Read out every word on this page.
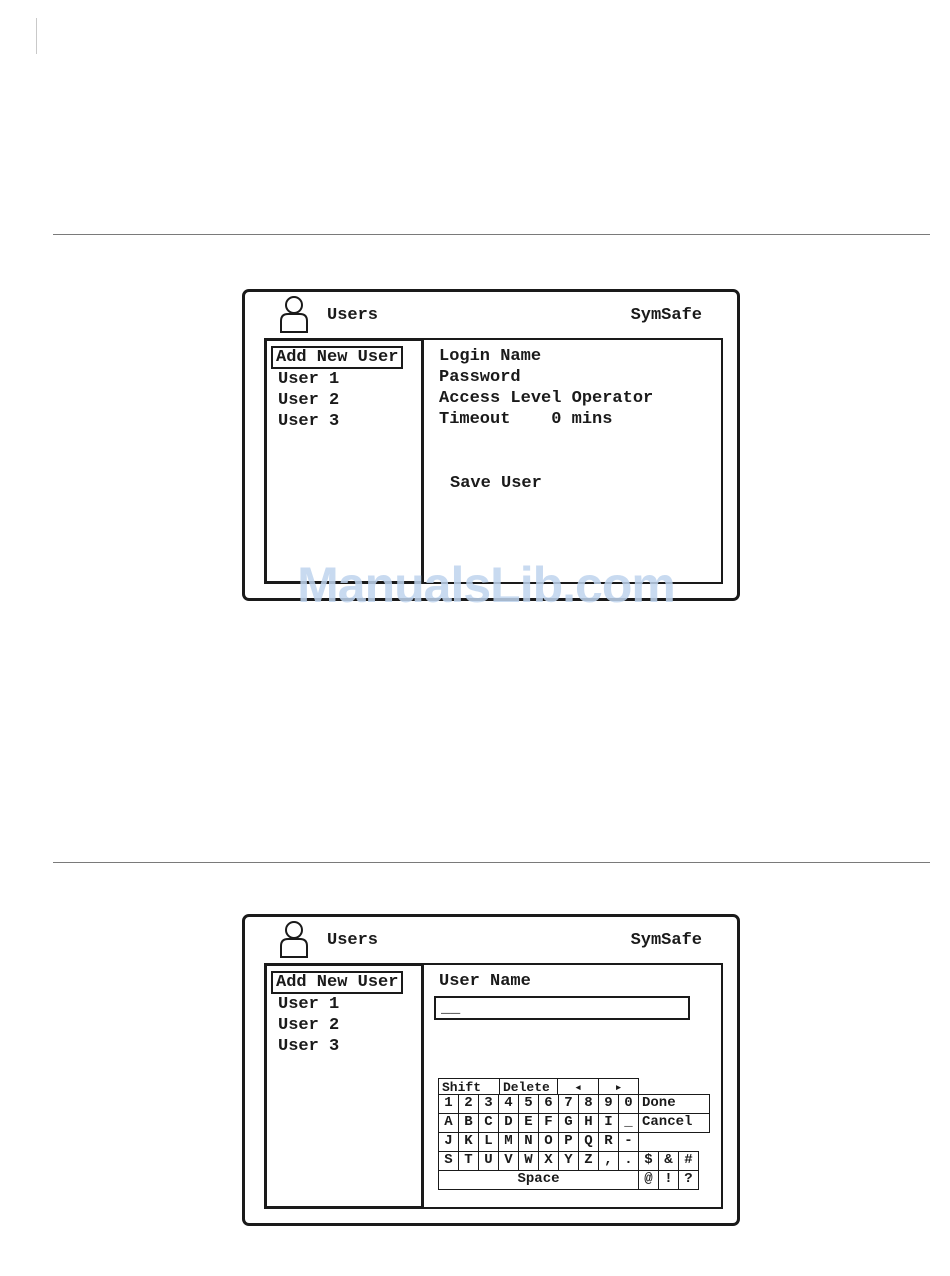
Users	SymSafe
Add New User
User 1
User 2
User 3
Login Name
Password
Access Level Operator
Timeout    0 mins
Save User
ManualsLib.com
Users	SymSafe
Add New User
User 1
User 2
User 3
User Name
__
Shift	Delete	◂	▸
1 2 3 4 5 6 7 8 9 0 Done
A B C D E F G H I _ Cancel
J K L M N O P Q R -
S T U V W X Y Z , . $ & #
Space	@ ! ?
